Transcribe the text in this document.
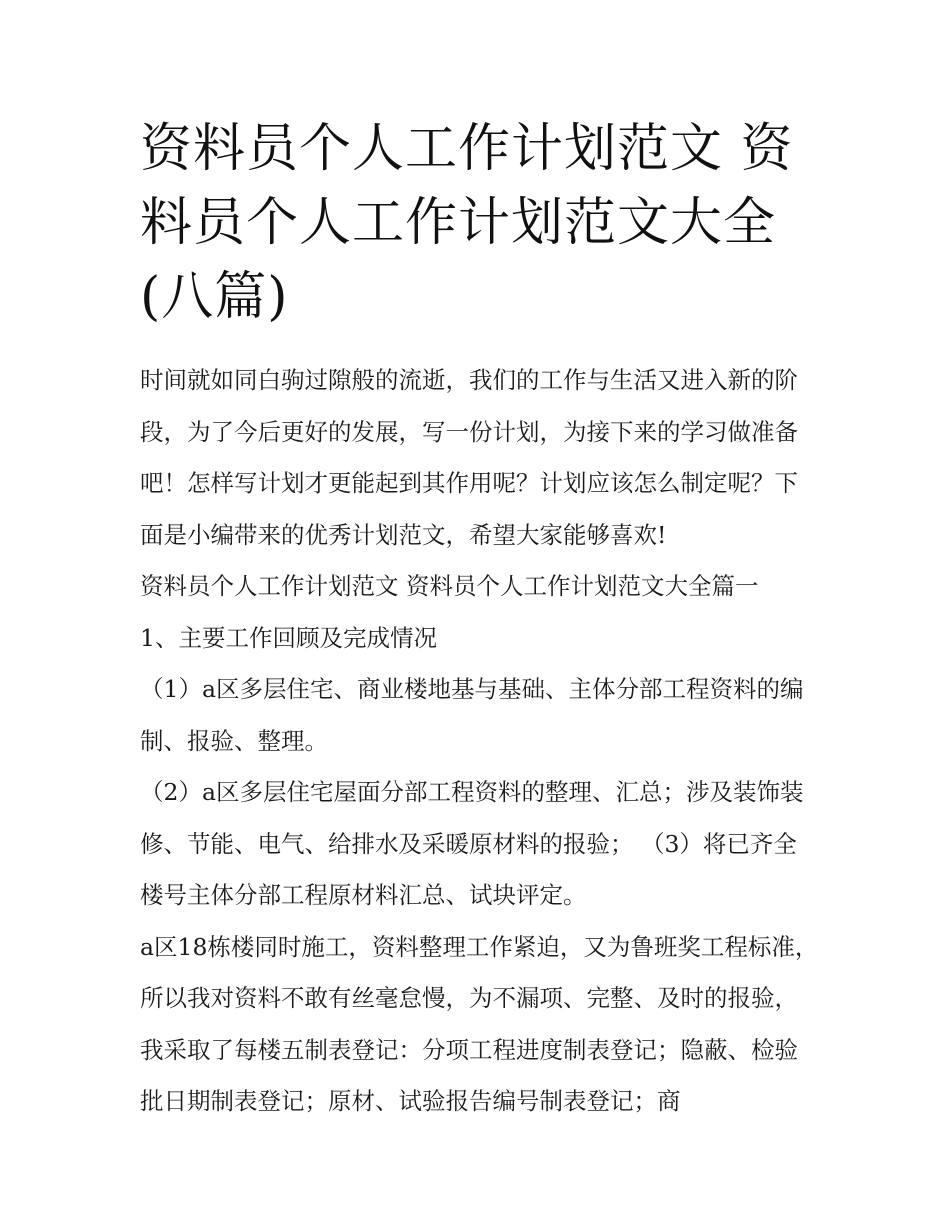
资料员个人工作计划范文 资料员个人工作计划范文大全(八篇)

时间就如同白驹过隙般的流逝，我们的工作与生活又进入新的阶段，为了今后更好的发展，写一份计划，为接下来的学习做准备吧！怎样写计划才更能起到其作用呢？计划应该怎么制定呢？下面是小编带来的优秀计划范文，希望大家能够喜欢!

资料员个人工作计划范文 资料员个人工作计划范文大全篇一

1、主要工作回顾及完成情况

（1）a区多层住宅、商业楼地基与基础、主体分部工程资料的编制、报验、整理。

（2）a区多层住宅屋面分部工程资料的整理、汇总；涉及装饰装修、节能、电气、给排水及采暖原材料的报验； （3）将已齐全楼号主体分部工程原材料汇总、试块评定。

a区18栋楼同时施工，资料整理工作紧迫，又为鲁班奖工程标准，所以我对资料不敢有丝毫怠慢，为不漏项、完整、及时的报验，我采取了每楼五制表登记：分项工程进度制表登记；隐蔽、检验批日期制表登记；原材、试验报告编号制表登记；商
